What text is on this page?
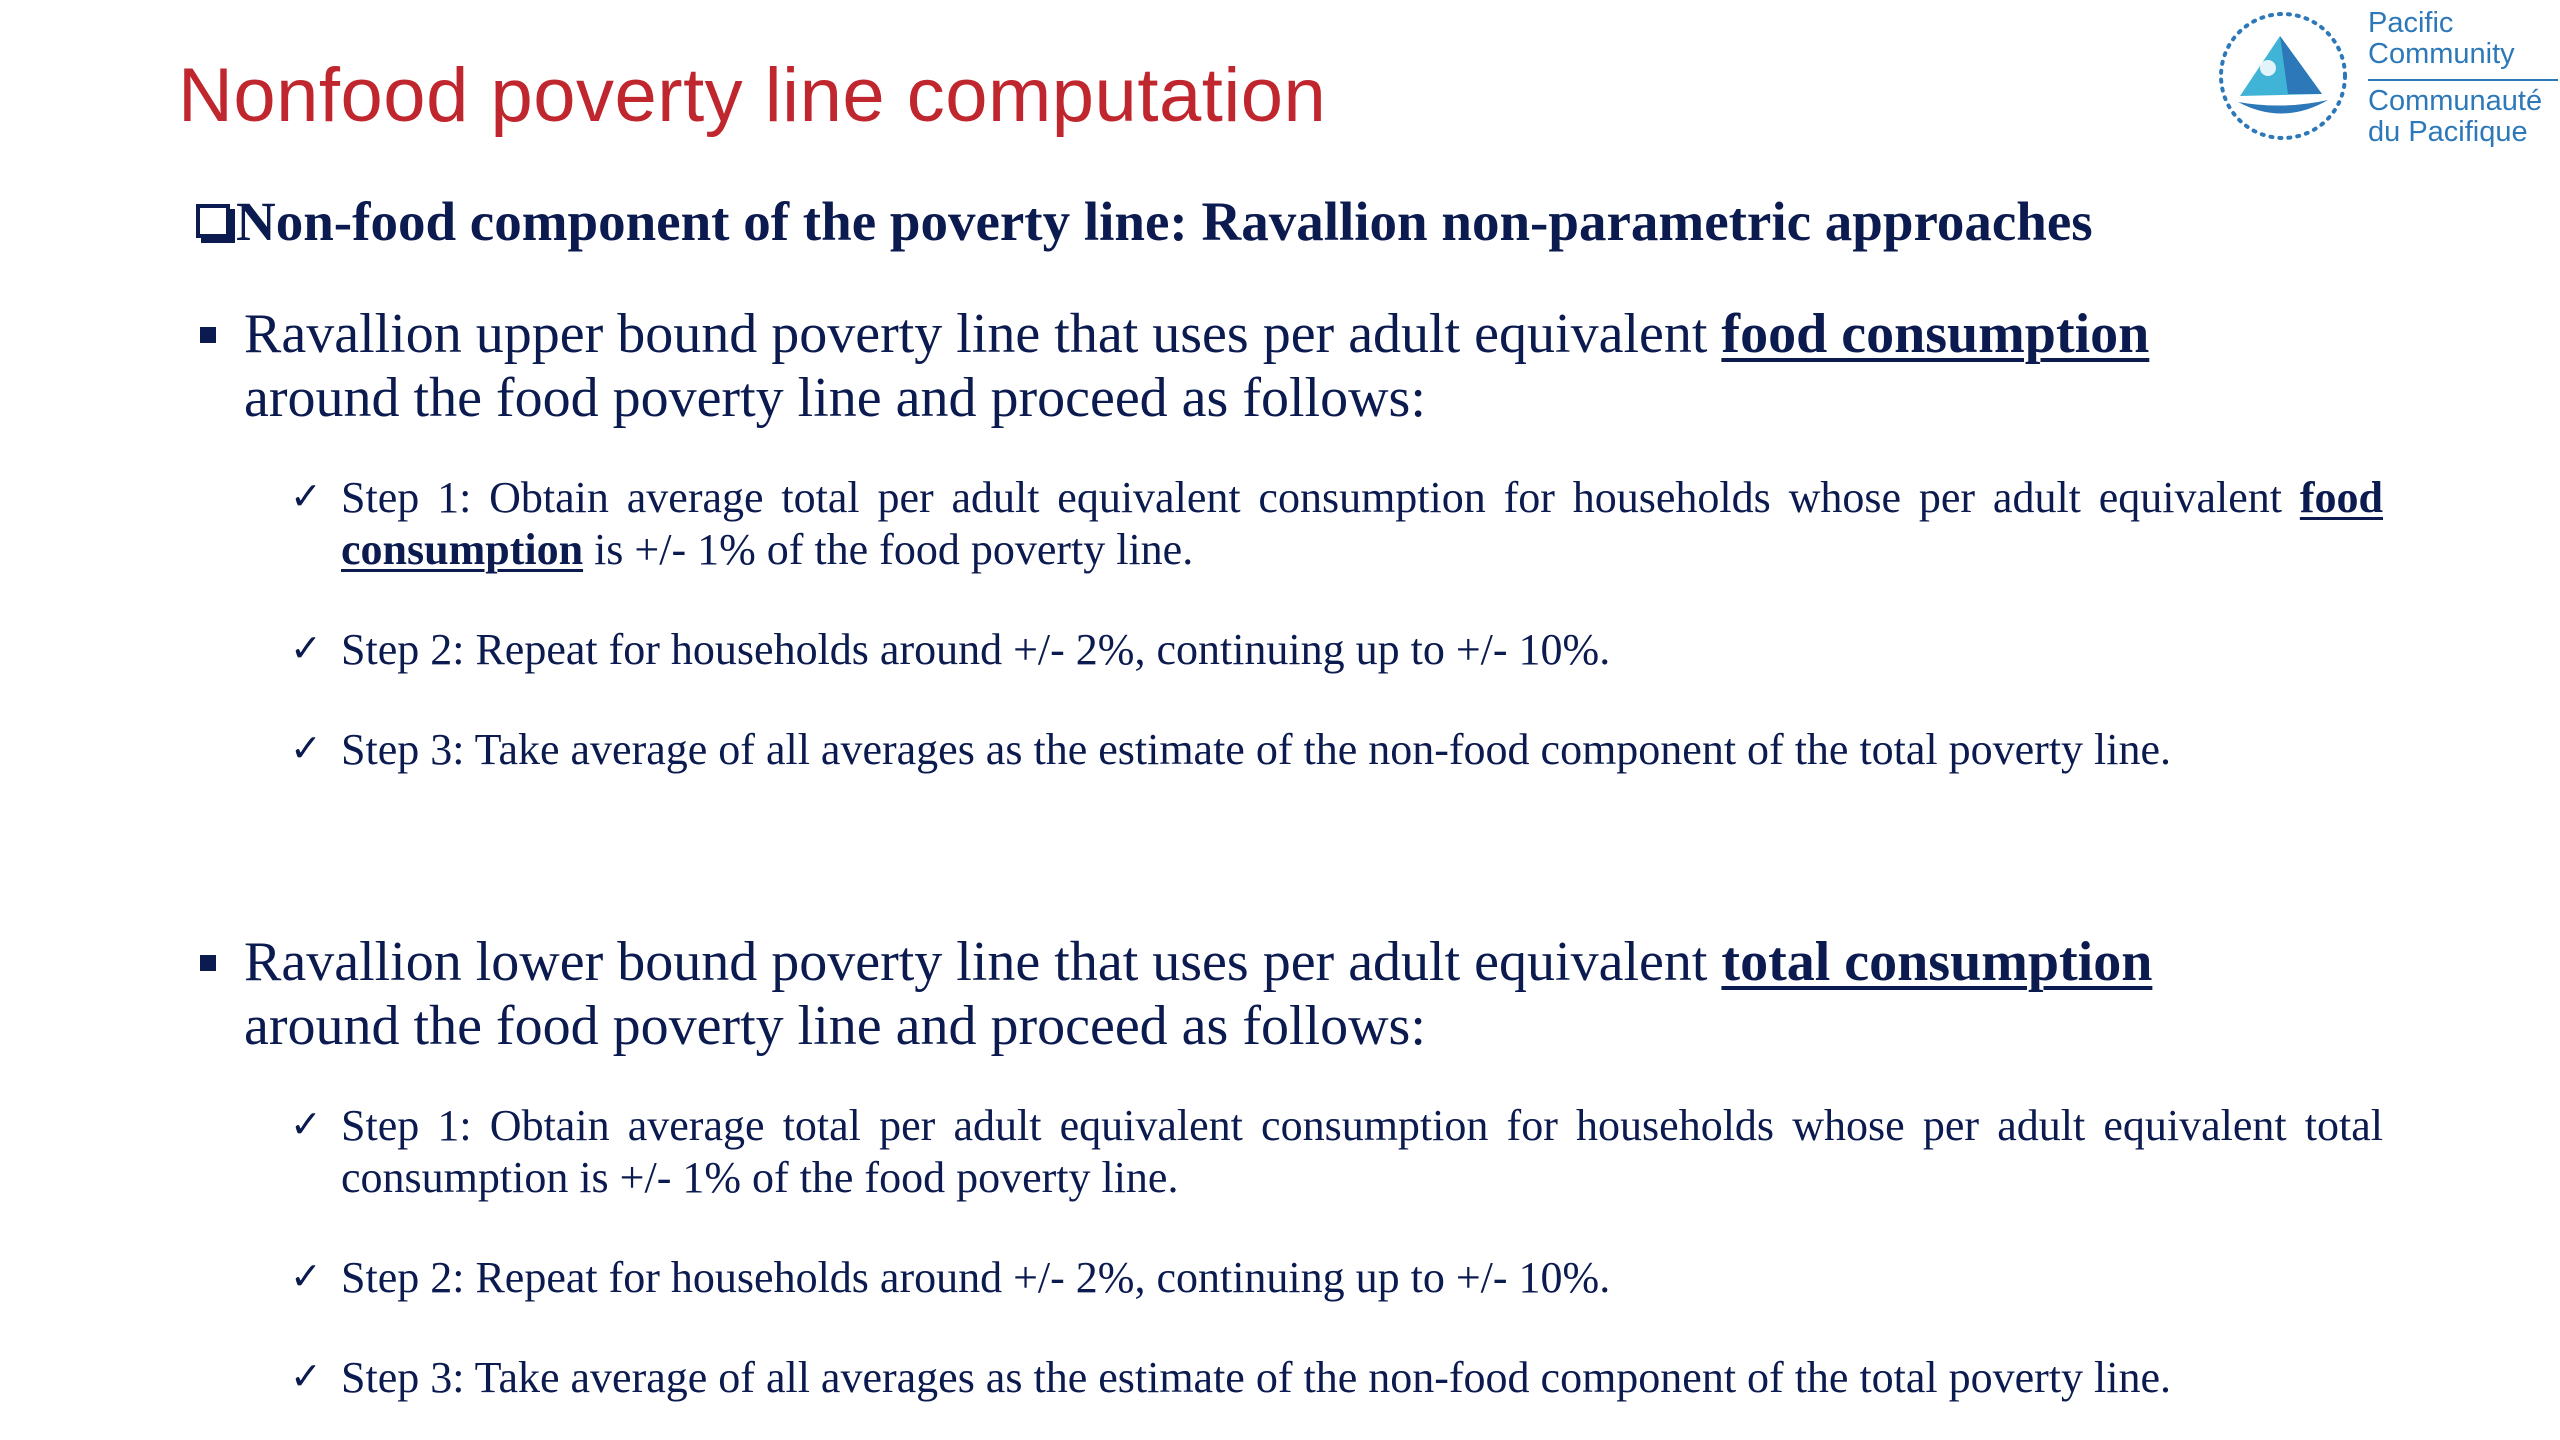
Nonfood poverty line computation
Pacific
Community
Communauté
du Pacifique
Non-food component of the poverty line: Ravallion non-parametric approaches
Ravallion upper bound poverty line that uses per adult equivalent food consumption
around the food poverty line and proceed as follows:
✓ Step 1: Obtain average total per adult equivalent consumption for households whose per adult equivalent food consumption is +/- 1% of the food poverty line.
✓ Step 2: Repeat for households around +/- 2%, continuing up to +/- 10%.
✓ Step 3: Take average of all averages as the estimate of the non-food component of the total poverty line.
Ravallion lower bound poverty line that uses per adult equivalent total consumption
around the food poverty line and proceed as follows:
✓ Step 1: Obtain average total per adult equivalent consumption for households whose per adult equivalent total consumption is +/- 1% of the food poverty line.
✓ Step 2: Repeat for households around +/- 2%, continuing up to +/- 10%.
✓ Step 3: Take average of all averages as the estimate of the non-food component of the total poverty line.
